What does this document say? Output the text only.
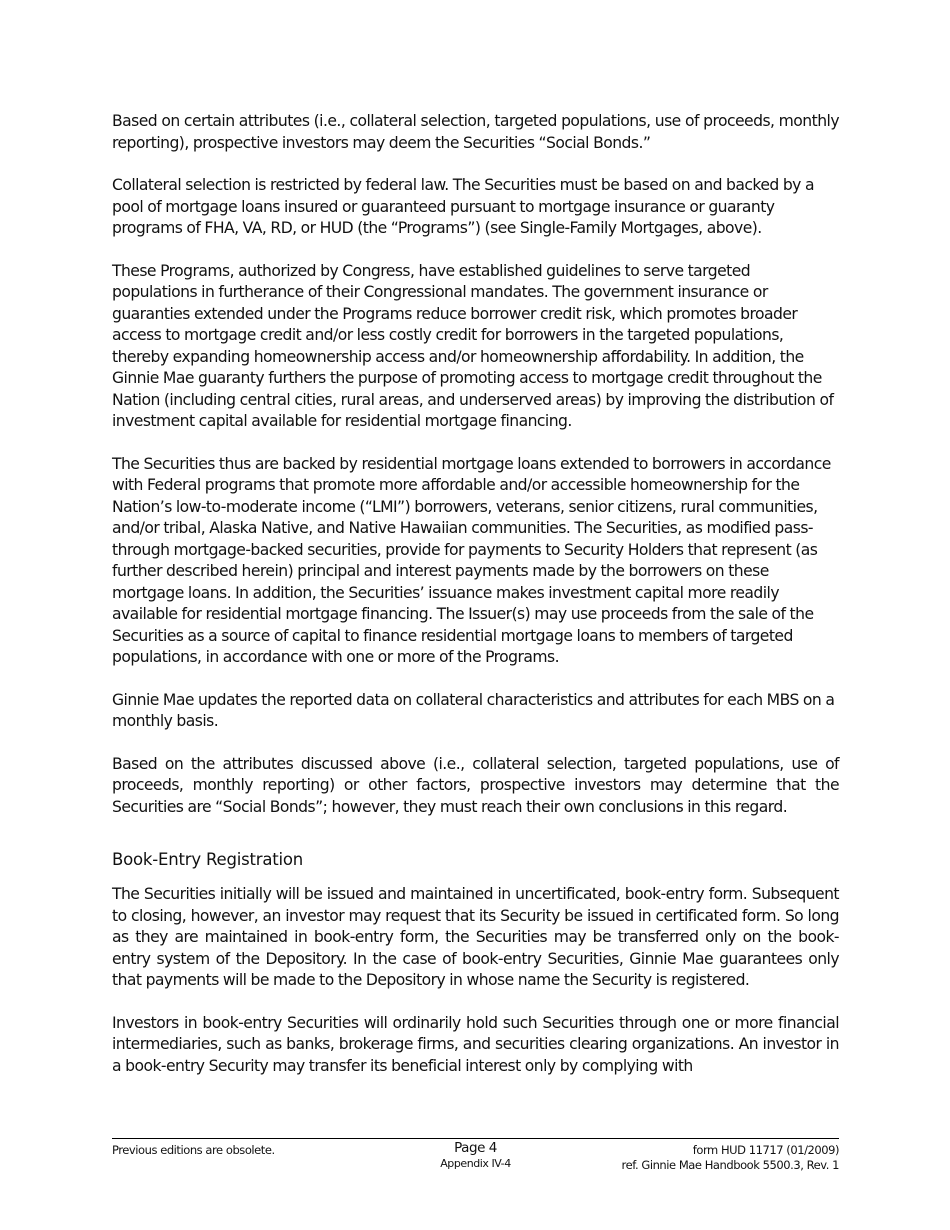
Based on certain attributes (i.e., collateral selection, targeted populations, use of proceeds, monthly reporting), prospective investors may deem the Securities “Social Bonds.”

Collateral selection is restricted by federal law. The Securities must be based on and backed by a pool of mortgage loans insured or guaranteed pursuant to mortgage insurance or guaranty programs of FHA, VA, RD, or HUD (the “Programs”) (see Single-Family Mortgages, above).

These Programs, authorized by Congress, have established guidelines to serve targeted populations in furtherance of their Congressional mandates. The government insurance or guaranties extended under the Programs reduce borrower credit risk, which promotes broader access to mortgage credit and/or less costly credit for borrowers in the targeted populations, thereby expanding homeownership access and/or homeownership affordability. In addition, the Ginnie Mae guaranty furthers the purpose of promoting access to mortgage credit throughout the Nation (including central cities, rural areas, and underserved areas) by improving the distribution of investment capital available for residential mortgage financing.

The Securities thus are backed by residential mortgage loans extended to borrowers in accordance with Federal programs that promote more affordable and/or accessible homeownership for the Nation’s low-to-moderate income (“LMI”) borrowers, veterans, senior citizens, rural communities, and/or tribal, Alaska Native, and Native Hawaiian communities. The Securities, as modified pass-through mortgage-backed securities, provide for payments to Security Holders that represent (as further described herein) principal and interest payments made by the borrowers on these mortgage loans. In addition, the Securities’ issuance makes investment capital more readily available for residential mortgage financing. The Issuer(s) may use proceeds from the sale of the Securities as a source of capital to finance residential mortgage loans to members of targeted populations, in accordance with one or more of the Programs.

Ginnie Mae updates the reported data on collateral characteristics and attributes for each MBS on a monthly basis.

Based on the attributes discussed above (i.e., collateral selection, targeted populations, use of proceeds, monthly reporting) or other factors, prospective investors may determine that the Securities are “Social Bonds”; however, they must reach their own conclusions in this regard.

Book-Entry Registration

The Securities initially will be issued and maintained in uncertificated, book-entry form. Subsequent to closing, however, an investor may request that its Security be issued in certificated form. So long as they are maintained in book-entry form, the Securities may be transferred only on the book-entry system of the Depository. In the case of book-entry Securities, Ginnie Mae guarantees only that payments will be made to the Depository in whose name the Security is registered.

Investors in book-entry Securities will ordinarily hold such Securities through one or more financial intermediaries, such as banks, brokerage firms, and securities clearing organizations. An investor in a book-entry Security may transfer its beneficial interest only by complying with

Previous editions are obsolete.	Page 4
Appendix IV-4
form HUD 11717 (01/2009)
ref. Ginnie Mae Handbook 5500.3, Rev. 1
